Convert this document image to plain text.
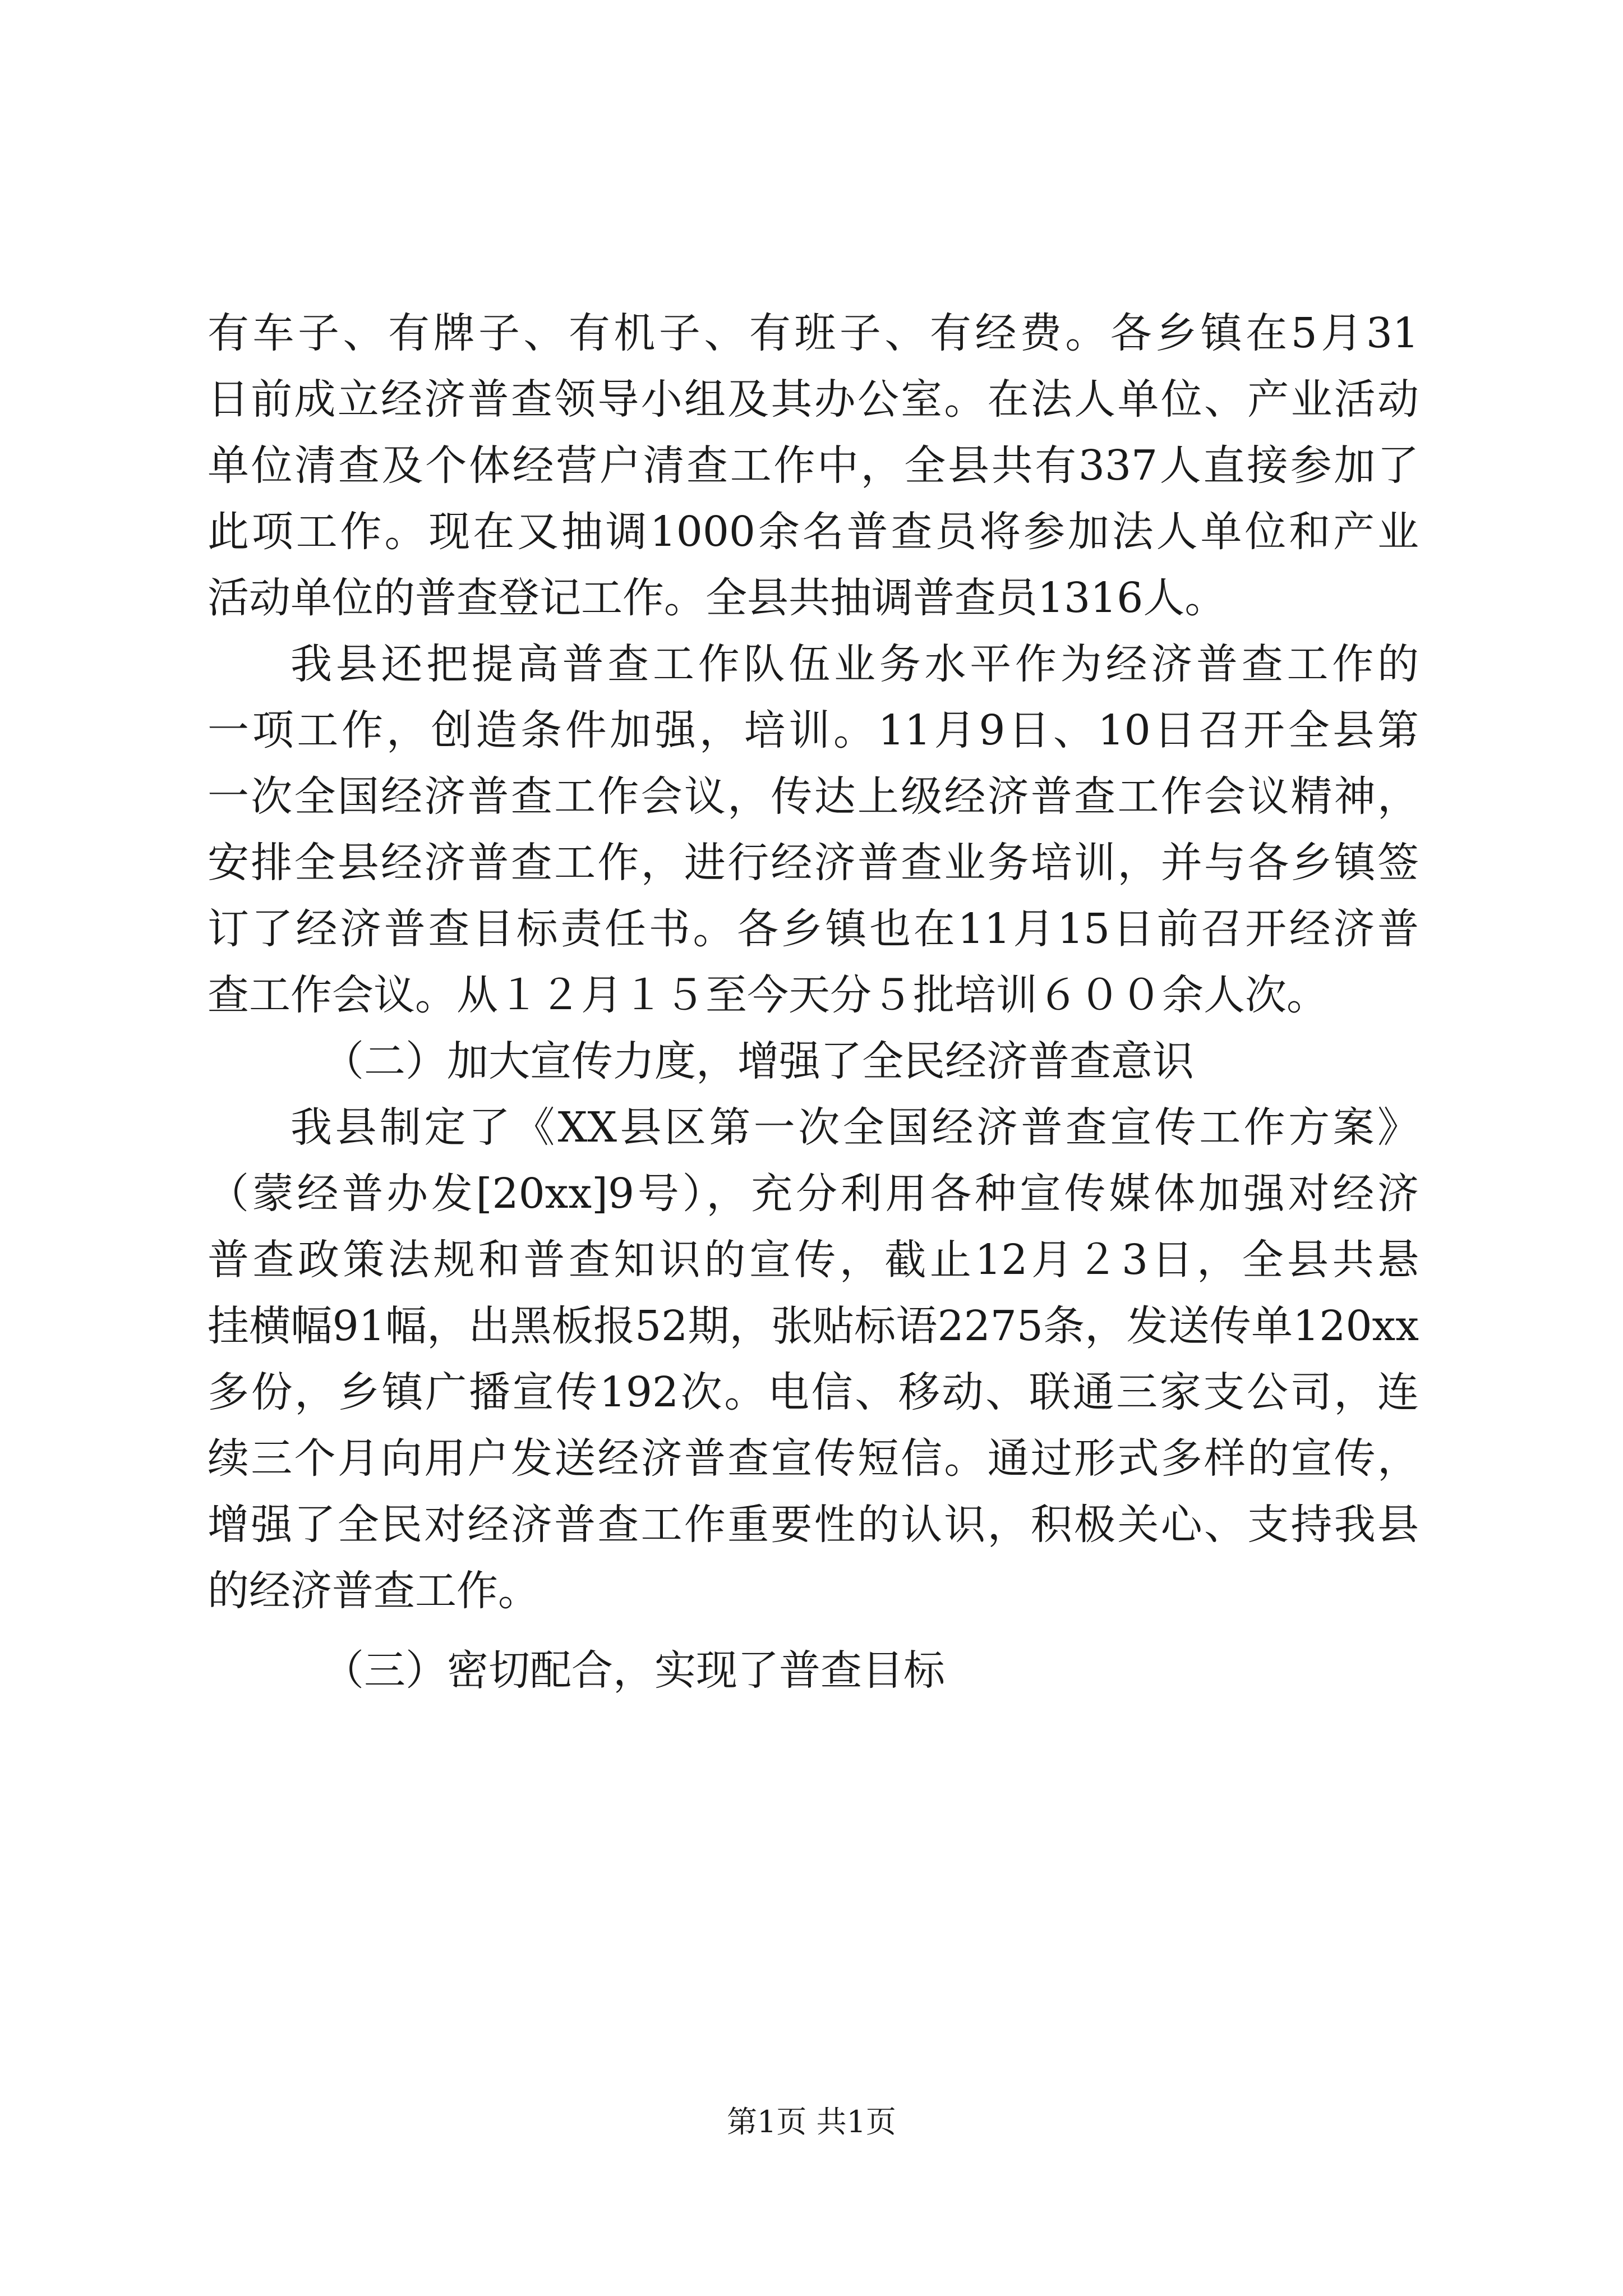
有车子、有牌子、有机子、有班子、有经费。各乡镇在5月31
日前成立经济普查领导小组及其办公室。在法人单位、产业活动
单位清查及个体经营户清查工作中，全县共有337人直接参加了
此项工作。现在又抽调1000余名普查员将参加法人单位和产业
活动单位的普查登记工作。全县共抽调普查员1316人。
我县还把提高普查工作队伍业务水平作为经济普查工作的
一项工作，创造条件加强，培训。11月9日、10日召开全县第
一次全国经济普查工作会议，传达上级经济普查工作会议精神，
安排全县经济普查工作，进行经济普查业务培训，并与各乡镇签
订了经济普查目标责任书。各乡镇也在11月15日前召开经济普
查工作会议。从１２月１５至今天分５批培训６００余人次。
（二）加大宣传力度，增强了全民经济普查意识
我县制定了《XX县区第一次全国经济普查宣传工作方案》
（蒙经普办发[20xx]9号），充分利用各种宣传媒体加强对经济
普查政策法规和普查知识的宣传，截止12月２3日，全县共悬
挂横幅91幅，出黑板报52期，张贴标语2275条，发送传单120xx
多份，乡镇广播宣传192次。电信、移动、联通三家支公司，连
续三个月向用户发送经济普查宣传短信。通过形式多样的宣传，
增强了全民对经济普查工作重要性的认识，积极关心、支持我县
的经济普查工作。
（三）密切配合，实现了普查目标
第1页 共1页
